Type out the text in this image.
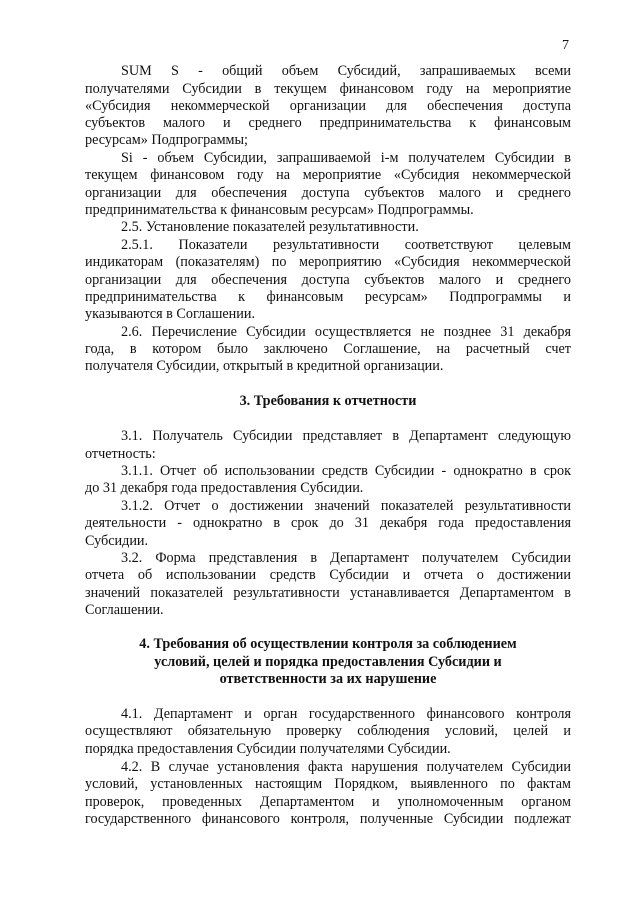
7
SUM S - общий объем Субсидий, запрашиваемых всеми
получателями Субсидии в текущем финансовом году на мероприятие
«Субсидия некоммерческой организации для обеспечения доступа
субъектов малого и среднего предпринимательства к финансовым
ресурсам» Подпрограммы;
Si - объем Субсидии, запрашиваемой i-м получателем Субсидии в
текущем финансовом году на мероприятие «Субсидия некоммерческой
организации для обеспечения доступа субъектов малого и среднего
предпринимательства к финансовым ресурсам» Подпрограммы.
2.5. Установление показателей результативности.
2.5.1. Показатели результативности соответствуют целевым
индикаторам (показателям) по мероприятию «Субсидия некоммерческой
организации для обеспечения доступа субъектов малого и среднего
предпринимательства к финансовым ресурсам» Подпрограммы и
указываются в Соглашении.
2.6. Перечисление Субсидии осуществляется не позднее 31 декабря
года, в котором было заключено Соглашение, на расчетный счет
получателя Субсидии, открытый в кредитной организации.
3. Требования к отчетности
3.1. Получатель Субсидии представляет в Департамент следующую
отчетность:
3.1.1. Отчет об использовании средств Субсидии - однократно в срок
до 31 декабря года предоставления Субсидии.
3.1.2. Отчет о достижении значений показателей результативности
деятельности - однократно в срок до 31 декабря года предоставления
Субсидии.
3.2. Форма представления в Департамент получателем Субсидии
отчета об использовании средств Субсидии и отчета о достижении
значений показателей результативности устанавливается Департаментом в
Соглашении.
4. Требования об осуществлении контроля за соблюдением
условий, целей и порядка предоставления Субсидии и
ответственности за их нарушение
4.1. Департамент и орган государственного финансового контроля
осуществляют обязательную проверку соблюдения условий, целей и
порядка предоставления Субсидии получателями Субсидии.
4.2. В случае установления факта нарушения получателем Субсидии
условий, установленных настоящим Порядком, выявленного по фактам
проверок, проведенных Департаментом и уполномоченным органом
государственного финансового контроля, полученные Субсидии подлежат
